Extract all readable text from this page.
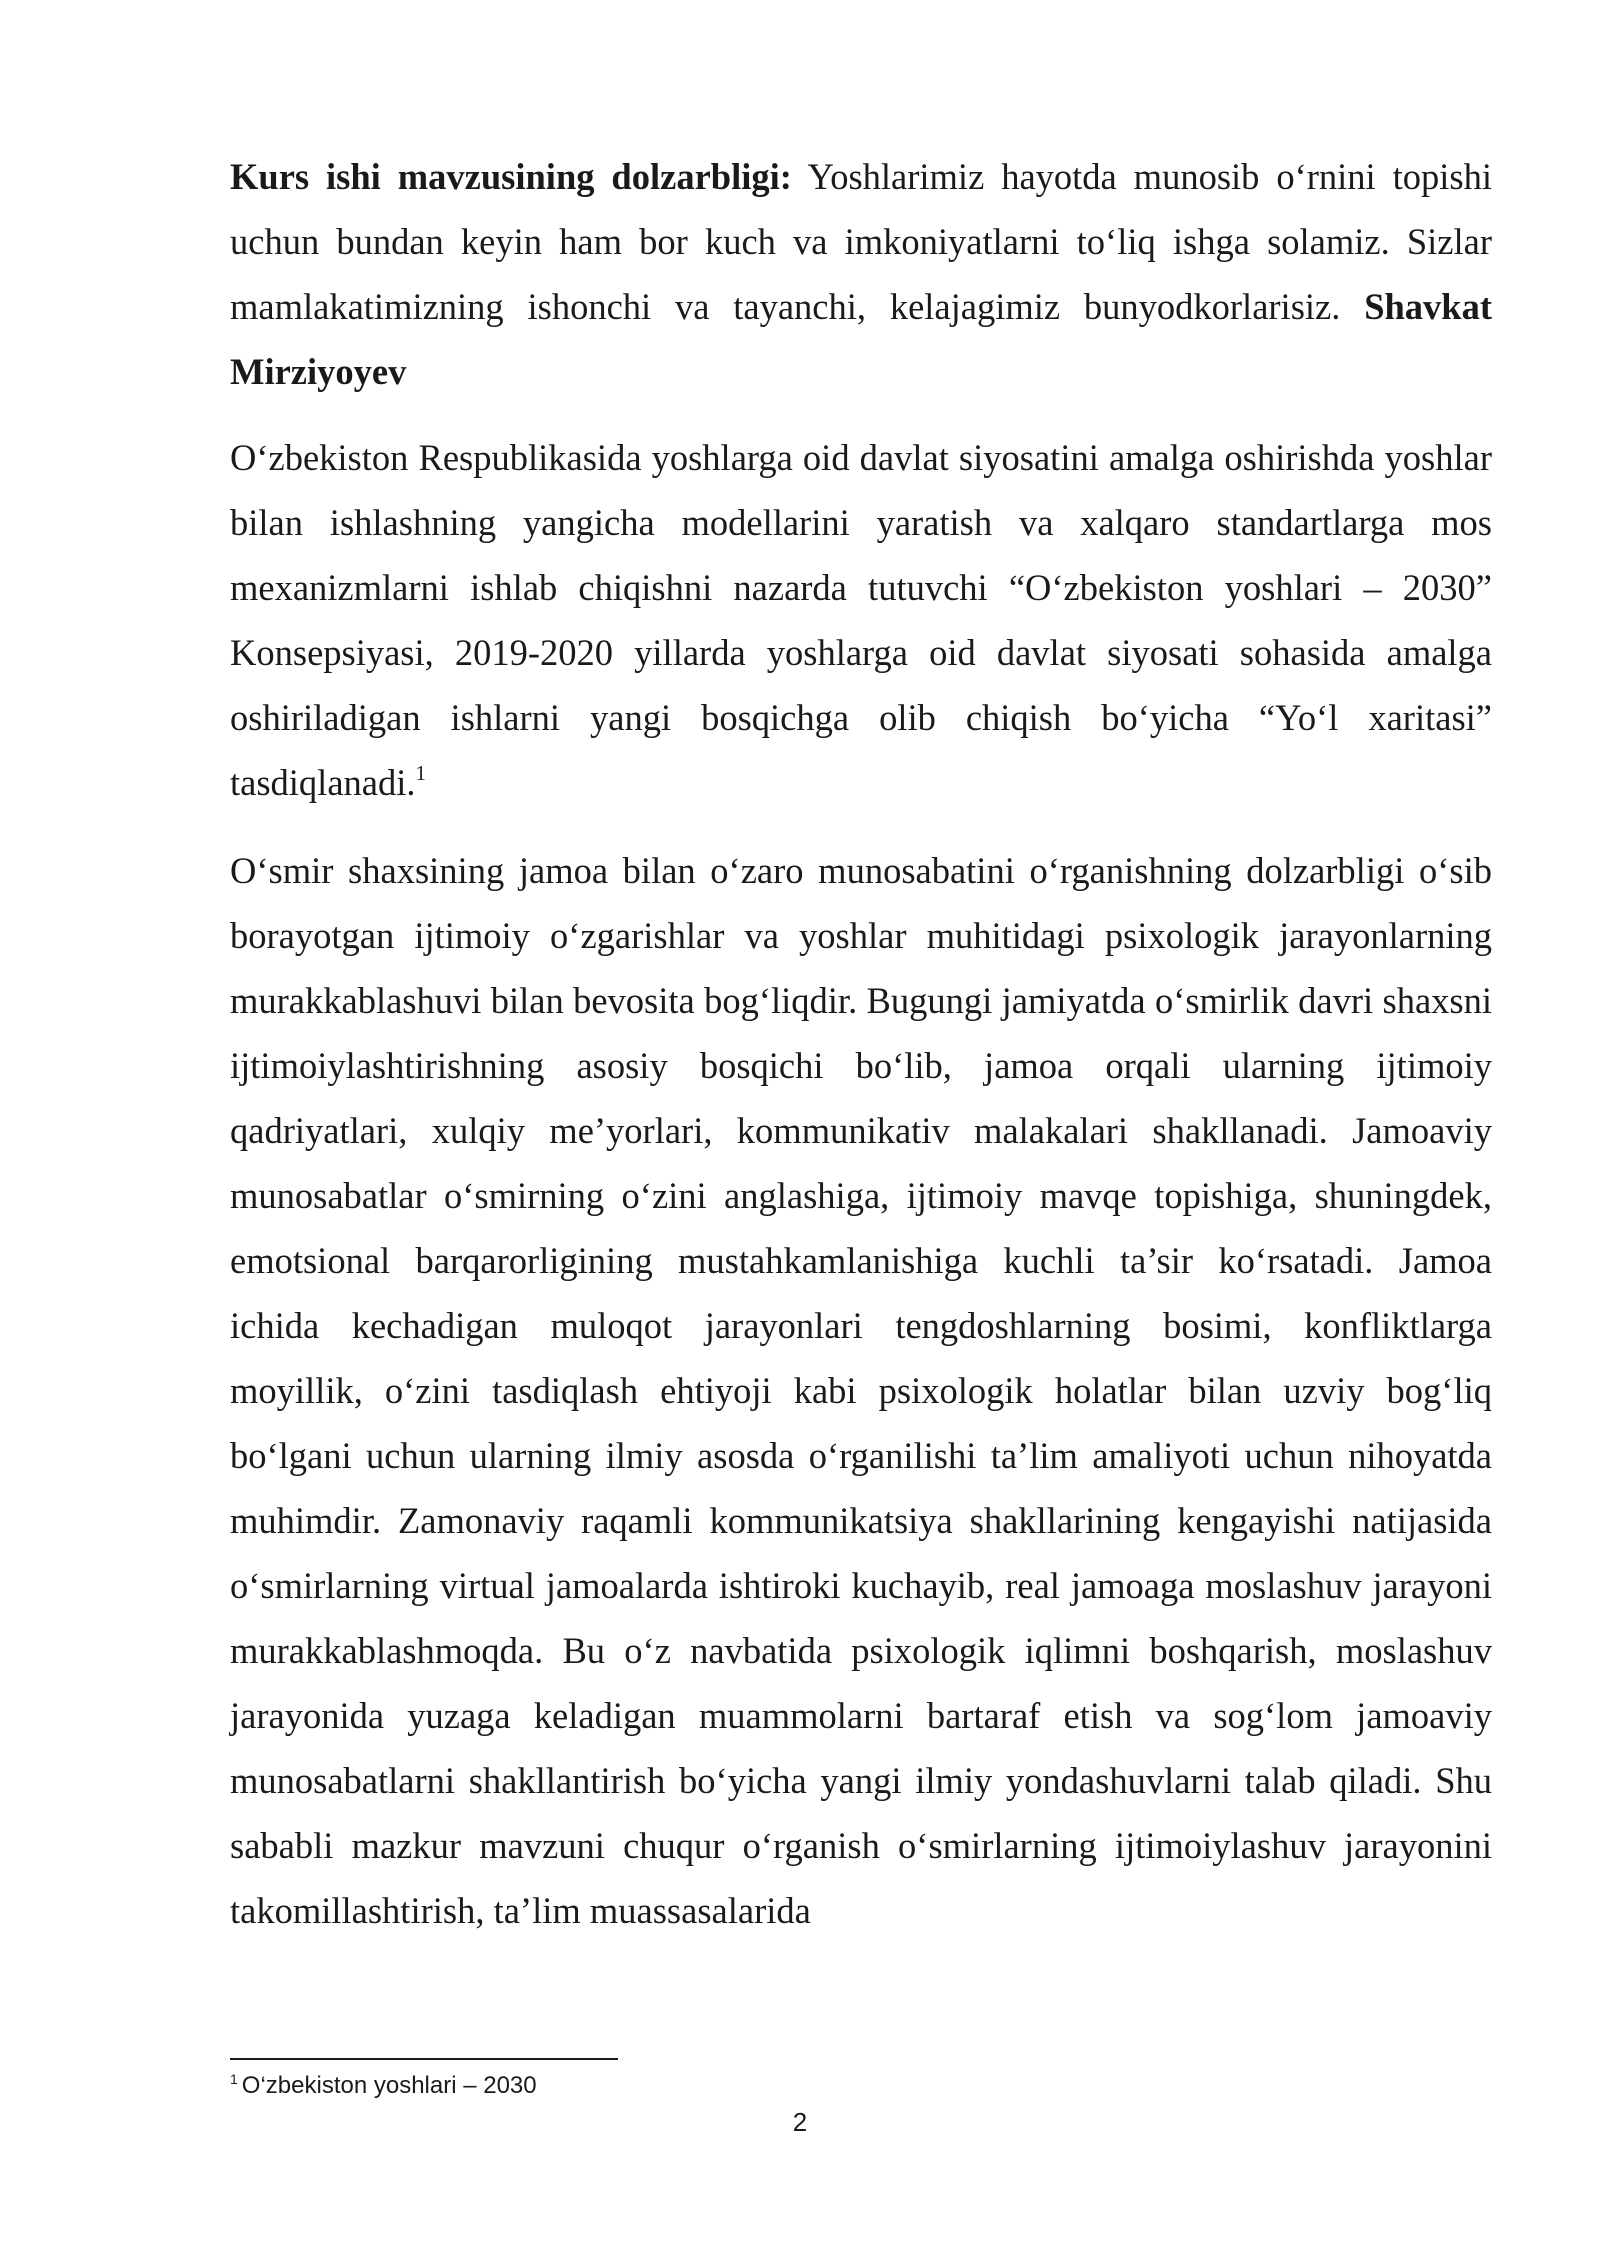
Kurs ishi mavzusining dolzarbligi: Yoshlarimiz hayotda munosib o‘rnini topishi uchun bundan keyin ham bor kuch va imkoniyatlarni to‘liq ishga solamiz. Sizlar mamlakatimizning ishonchi va tayanchi, kelajagimiz bunyodkorlarisiz. Shavkat Mirziyoyev

O‘zbekiston Respublikasida yoshlarga oid davlat siyosatini amalga oshirishda yoshlar bilan ishlashning yangicha modellarini yaratish va xalqaro standartlarga mos mexanizmlarni ishlab chiqishni nazarda tutuvchi “O‘zbekiston yoshlari – 2030” Konsepsiyasi, 2019-2020 yillarda yoshlarga oid davlat siyosati sohasida amalga oshiriladigan ishlarni yangi bosqichga olib chiqish bo‘yicha “Yo‘l xaritasi” tasdiqlanadi.$^1$

O‘smir shaxsining jamoa bilan o‘zaro munosabatini o‘rganishning dolzarbligi o‘sib borayotgan ijtimoiy o‘zgarishlar va yoshlar muhitidagi psixologik jarayonlarning murakkablashuvi bilan bevosita bog‘liqdir. Bugungi jamiyatda o‘smirlik davri shaxsni ijtimoiylashtirishning asosiy bosqichi bo‘lib, jamoa orqali ularning ijtimoiy qadriyatlari, xulqiy me’yorlari, kommunikativ malakalari shakllanadi. Jamoaviy munosabatlar o‘smirning o‘zini anglashiga, ijtimoiy mavqe topishiga, shuningdek, emotsional barqarorligining mustahkamlanishiga kuchli ta’sir ko‘rsatadi. Jamoa ichida kechadigan muloqot jarayonlari tengdoshlarning bosimi, konfliktlarga moyillik, o‘zini tasdiqlash ehtiyoji kabi psixologik holatlar bilan uzviy bog‘liq bo‘lgani uchun ularning ilmiy asosda o‘rganilishi ta’lim amaliyoti uchun nihoyatda muhimdir. Zamonaviy raqamli kommunikatsiya shakllarining kengayishi natijasida o‘smirlarning virtual jamoalarda ishtiroki kuchayib, real jamoaga moslashuv jarayoni murakkablashmoqda. Bu o‘z navbatida psixologik iqlimni boshqarish, moslashuv jarayonida yuzaga keladigan muammolarni bartaraf etish va sog‘lom jamoaviy munosabatlarni shakllantirish bo‘yicha yangi ilmiy yondashuvlarni talab qiladi. Shu sababli mazkur mavzuni chuqur o‘rganish o‘smirlarning ijtimoiylashuv jarayonini takomillashtirish, ta’lim muassasalarida

$^1$ O‘zbekiston yoshlari – 2030
2
